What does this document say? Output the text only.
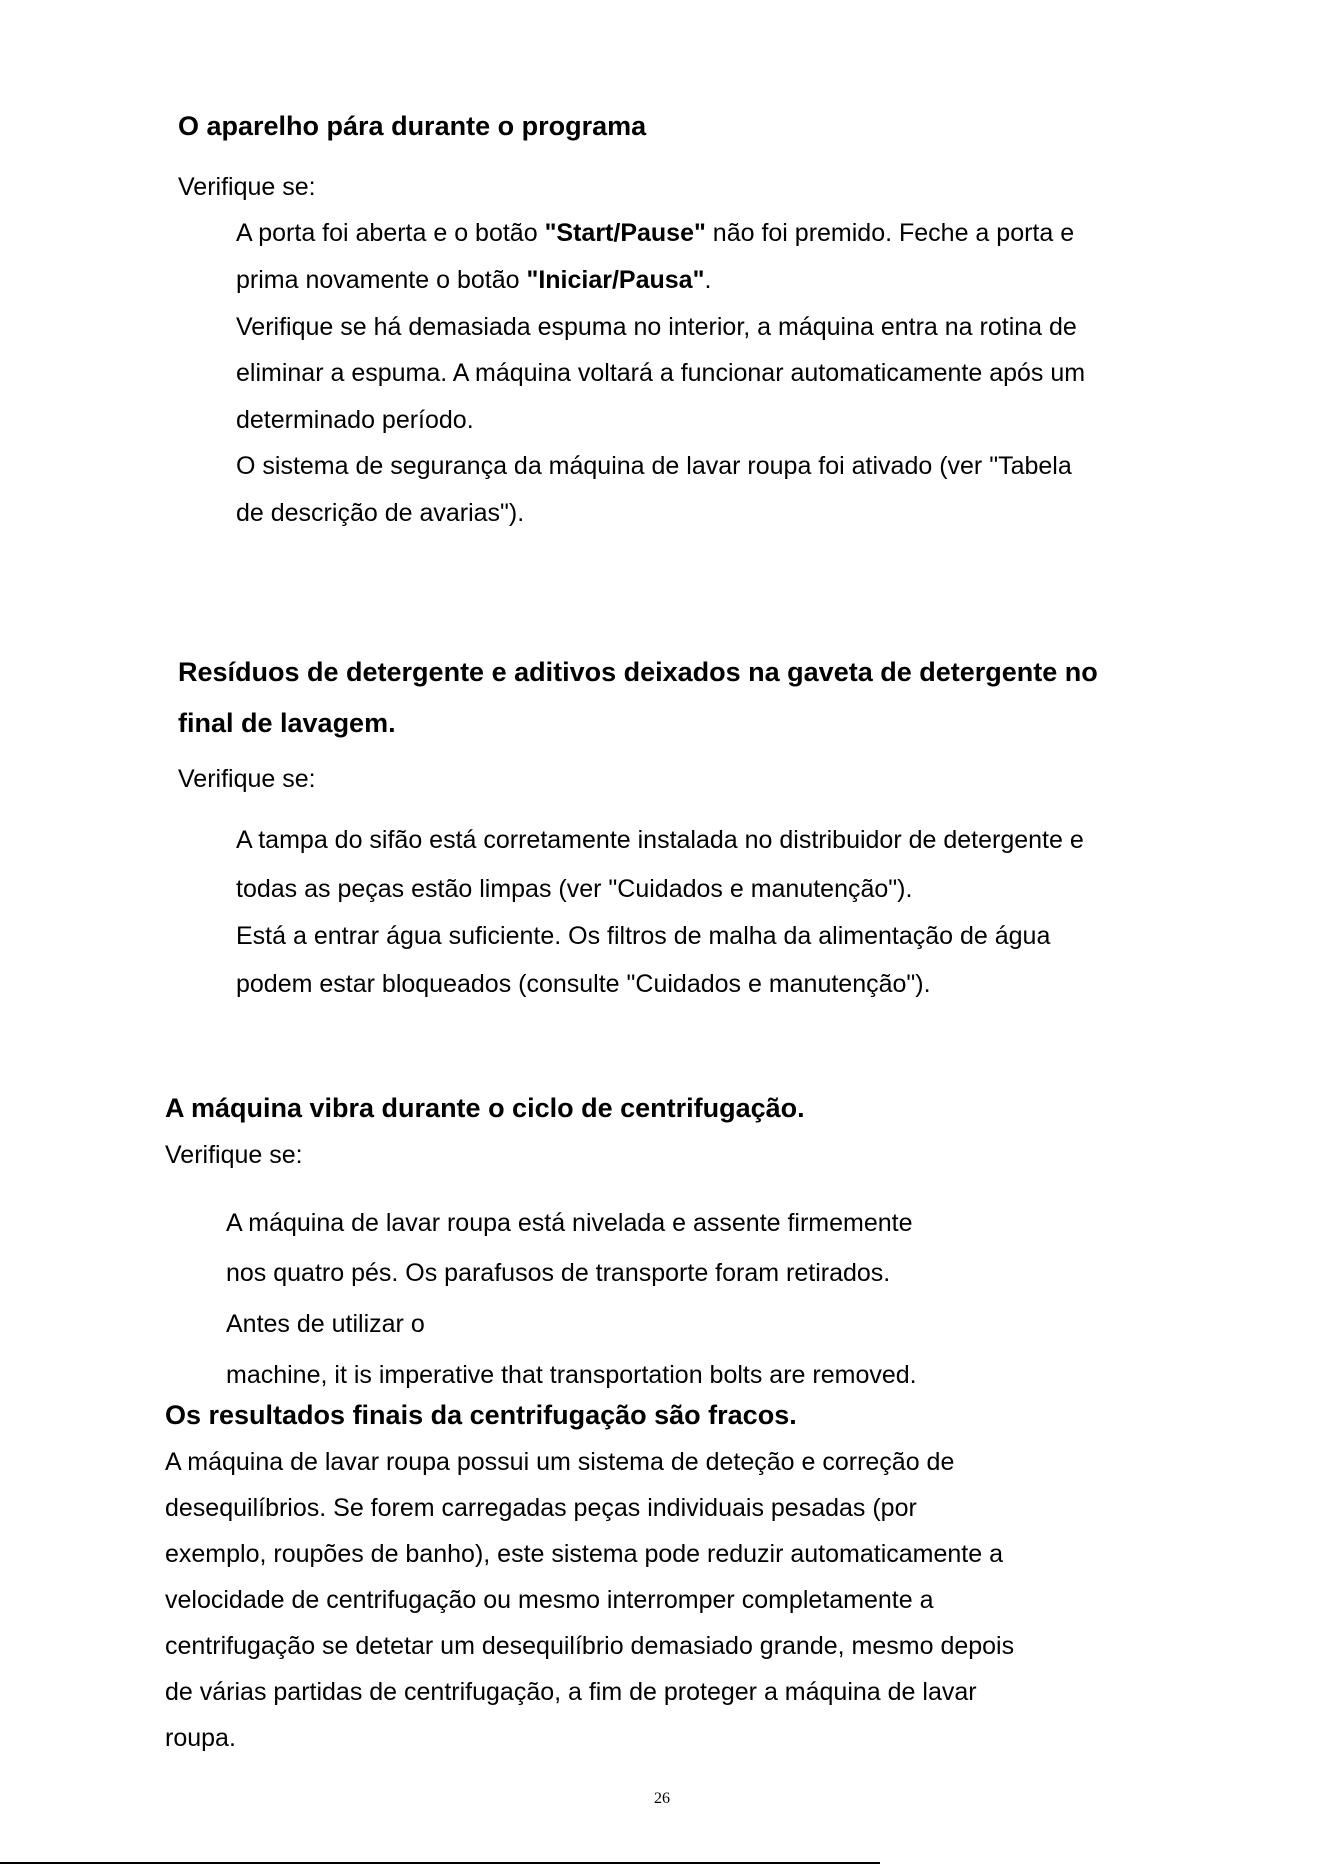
O aparelho pára durante o programa
Verifique se:
A porta foi aberta e o botão "Start/Pause" não foi premido. Feche a porta e
prima novamente o botão "Iniciar/Pausa".
Verifique se há demasiada espuma no interior, a máquina entra na rotina de
eliminar a espuma. A máquina voltará a funcionar automaticamente após um
determinado período.
O sistema de segurança da máquina de lavar roupa foi ativado (ver "Tabela
de descrição de avarias").
Resíduos de detergente e aditivos deixados na gaveta de detergente no
final de lavagem.
Verifique se:
A tampa do sifão está corretamente instalada no distribuidor de detergente e
todas as peças estão limpas (ver "Cuidados e manutenção").
Está a entrar água suficiente. Os filtros de malha da alimentação de água
podem estar bloqueados (consulte "Cuidados e manutenção").
A máquina vibra durante o ciclo de centrifugação.
Verifique se:
A máquina de lavar roupa está nivelada e assente firmemente
nos quatro pés. Os parafusos de transporte foram retirados.
Antes de utilizar o
machine, it is imperative that transportation bolts are removed.
Os resultados finais da centrifugação são fracos.
A máquina de lavar roupa possui um sistema de deteção e correção de
desequilíbrios. Se forem carregadas peças individuais pesadas (por
exemplo, roupões de banho), este sistema pode reduzir automaticamente a
velocidade de centrifugação ou mesmo interromper completamente a
centrifugação se detetar um desequilíbrio demasiado grande, mesmo depois
de várias partidas de centrifugação, a fim de proteger a máquina de lavar
roupa.
26
